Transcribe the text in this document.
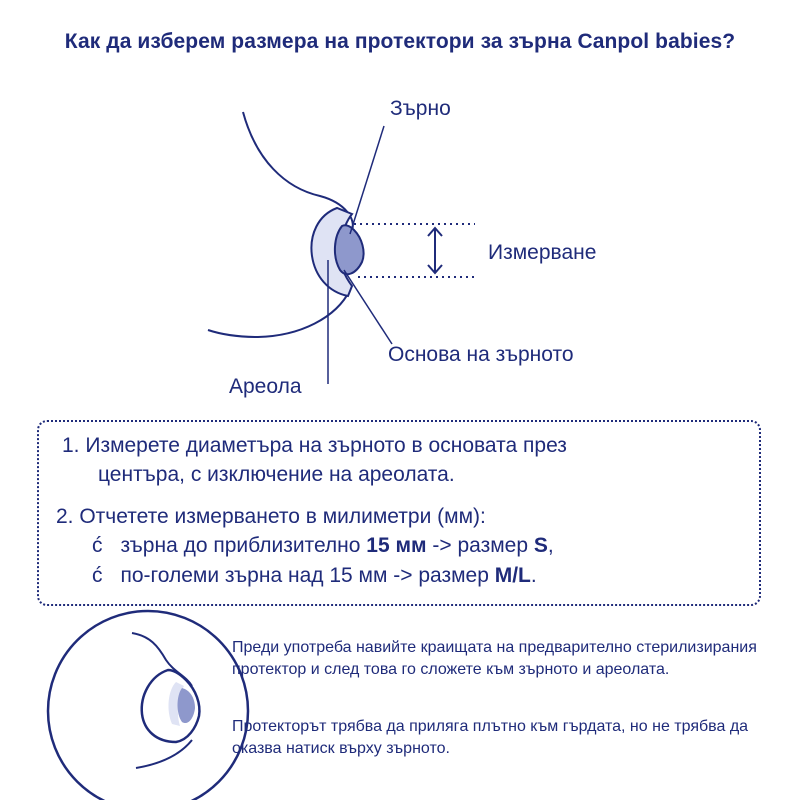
Как да изберем размера на протектори за зърна Canpol babies?
Зърно
Измерване
Основа на зърното
Ареола
1. Измерете диаметъра на зърното в основата през
центъра, с изключение на ареолата.
2. Отчетете измерването в милиметри (мм):
ć зърна до приблизително 15 мм -> размер S,
ć по-големи зърна над 15 мм -> размер M/L.
Преди употреба навийте краищата на предварително стерилизирания протектор и след това го сложете към зърното и ареолата.
Протекторът трябва да прилягa плътно към гърдата, но не трябва да оказва натиск върху зърното.
